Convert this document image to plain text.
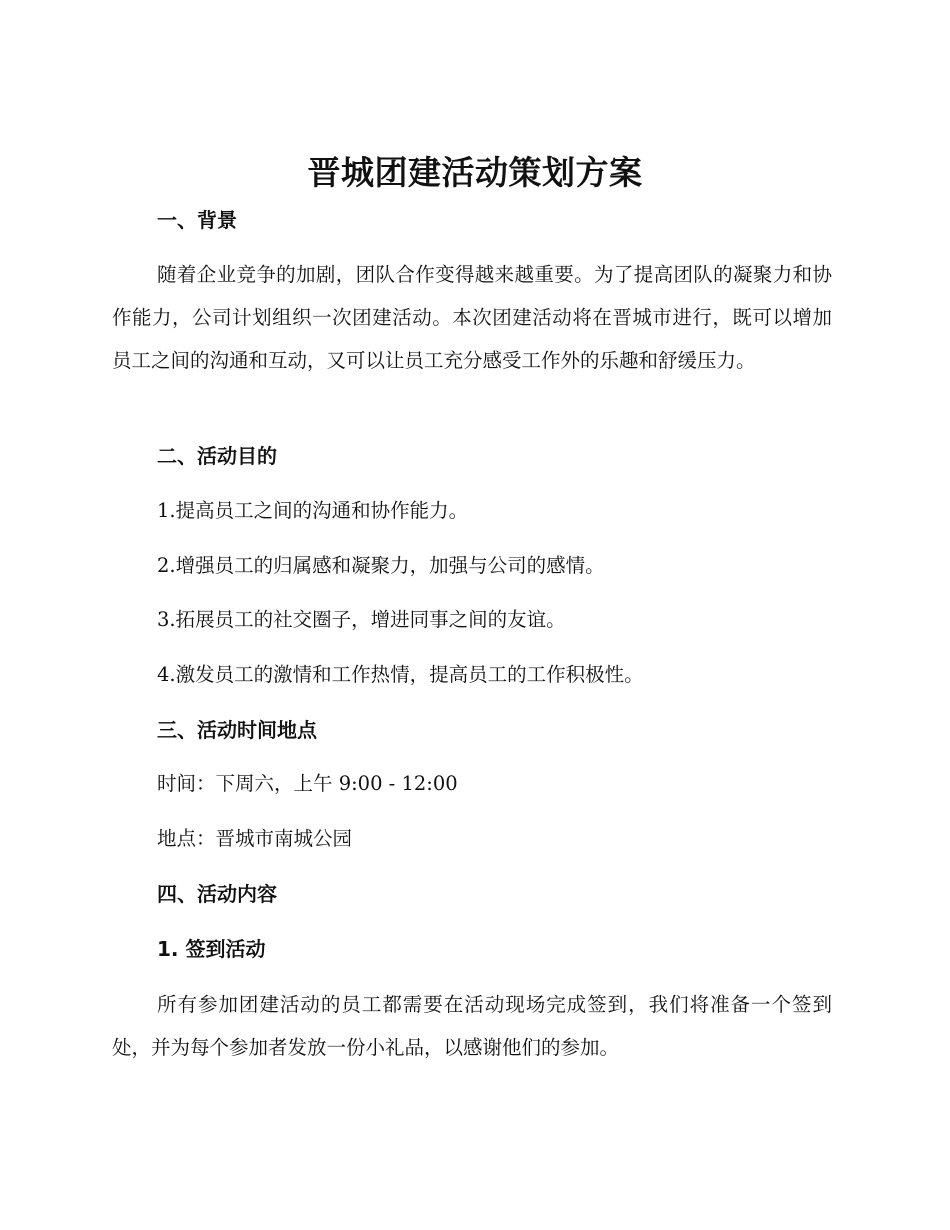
晋城团建活动策划方案
一、背景
随着企业竞争的加剧，团队合作变得越来越重要。为了提高团队的凝聚力和协作能力，公司计划组织一次团建活动。本次团建活动将在晋城市进行，既可以增加员工之间的沟通和互动，又可以让员工充分感受工作外的乐趣和舒缓压力。
二、活动目的
1.提高员工之间的沟通和协作能力。
2.增强员工的归属感和凝聚力，加强与公司的感情。
3.拓展员工的社交圈子，增进同事之间的友谊。
4.激发员工的激情和工作热情，提高员工的工作积极性。
三、活动时间地点
时间：下周六，上午 9:00 - 12:00
地点：晋城市南城公园
四、活动内容
1. 签到活动
所有参加团建活动的员工都需要在活动现场完成签到，我们将准备一个签到处，并为每个参加者发放一份小礼品，以感谢他们的参加。
